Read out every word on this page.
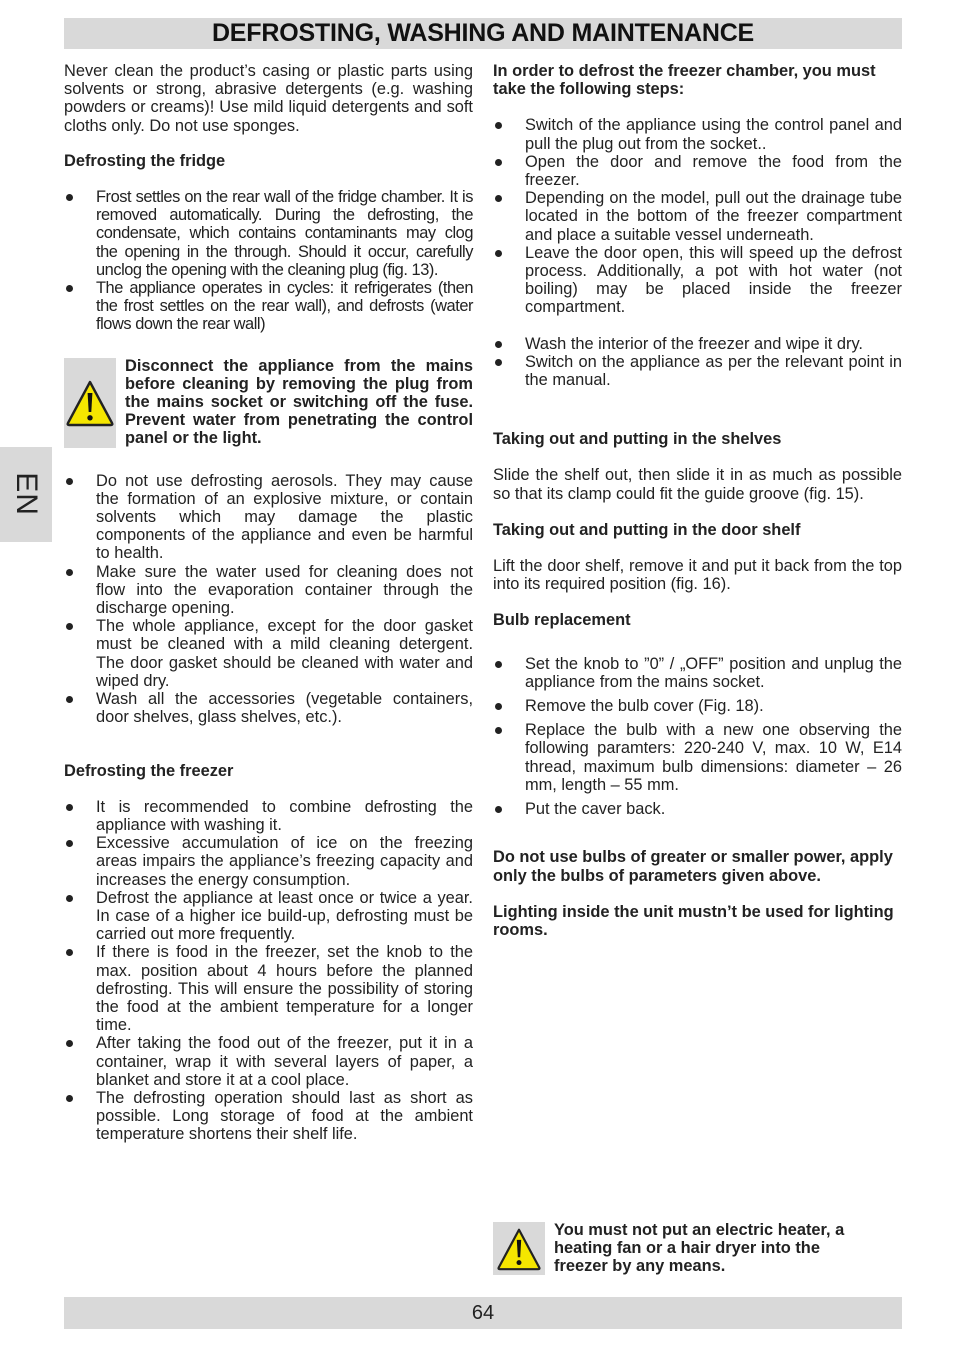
DEFROSTING, WASHING AND MAINTENANCE
EN

Never clean the product’s casing or plastic parts using solvents or strong, abrasive detergents (e.g. washing powders or creams)! Use mild liquid detergents and soft cloths only. Do not use sponges.

Defrosting the fridge

Frost settles on the rear wall of the fridge chamber. It is removed automatically. During the defrosting, the condensate, which contains contaminants may clog the opening in the through. Should it occur, carefully unclog the opening with the cleaning plug (fig. 13).
The appliance operates in cycles: it refrigerates (then the frost settles on the rear wall), and defrosts (water flows down the rear wall)
Disconnect the appliance from the mains before cleaning by removing the plug from the mains socket or switching off the fuse. Prevent water from penetrating the control panel or the light.
Do not use defrosting aerosols. They may cause the formation of an explosive mixture, or contain solvents which may damage the plastic components of the appliance and even be harmful to health.
Make sure the water used for cleaning does not flow into the evaporation container through the discharge opening.
The whole appliance, except for the door gasket must be cleaned with a mild cleaning detergent. The door gasket should be cleaned with water and wiped dry.
Wash all the accessories (vegetable containers, door shelves, glass shelves, etc.).

Defrosting the freezer

It is recommended to combine defrosting the appliance with washing it.
Excessive accumulation of ice on the freezing areas impairs the appliance’s freezing capacity and increases the energy consumption.
Defrost the appliance at least once or twice a year. In case of a higher ice build-up, defrosting must be carried out more frequently.
If there is food in the freezer, set the knob to the max. position about 4 hours before the planned defrosting. This will ensure the possibility of storing the food at the ambient temperature for a longer time.
After taking the food out of the freezer, put it in a container, wrap it with several layers of paper, a blanket and store it at a cool place.
The defrosting operation should last as short as possible. Long storage of food at the ambient temperature shortens their shelf life.

In order to defrost the freezer chamber, you must take the following steps:

Switch of the appliance using the control panel and pull the plug out from the socket..
Open the door and remove the food from the freezer.
Depending on the model, pull out the drainage tube located in the bottom of the freezer compartment and place a suitable vessel underneath.
Leave the door open, this will speed up the defrost process. Additionally, a pot with hot water (not boiling) may be placed inside the freezer compartment.
Wash the interior of the freezer and wipe it dry.
Switch on the appliance as per the relevant point in the manual.

Taking out and putting in the shelves

Slide the shelf out, then slide it in as much as possible so that its clamp could fit the guide groove (fig. 15).

Taking out and putting in the door shelf

Lift the door shelf, remove it and put it back from the top into its required position (fig. 16).

Bulb replacement

Set the knob to ”0” / „OFF” position and unplug the appliance from the mains socket.
Remove the bulb cover (Fig. 18).
Replace the bulb with a new one observing the following paramters: 220-240 V, max. 10 W, E14 thread, maximum bulb dimensions: diameter – 26 mm, length – 55 mm.
Put the caver back.

Do not use bulbs of greater or smaller power, apply only the bulbs of parameters given above.

Lighting inside the unit mustn’t be used for lighting rooms.

You must not put an electric heater, a heating fan or a hair dryer into the freezer by any means.
64
